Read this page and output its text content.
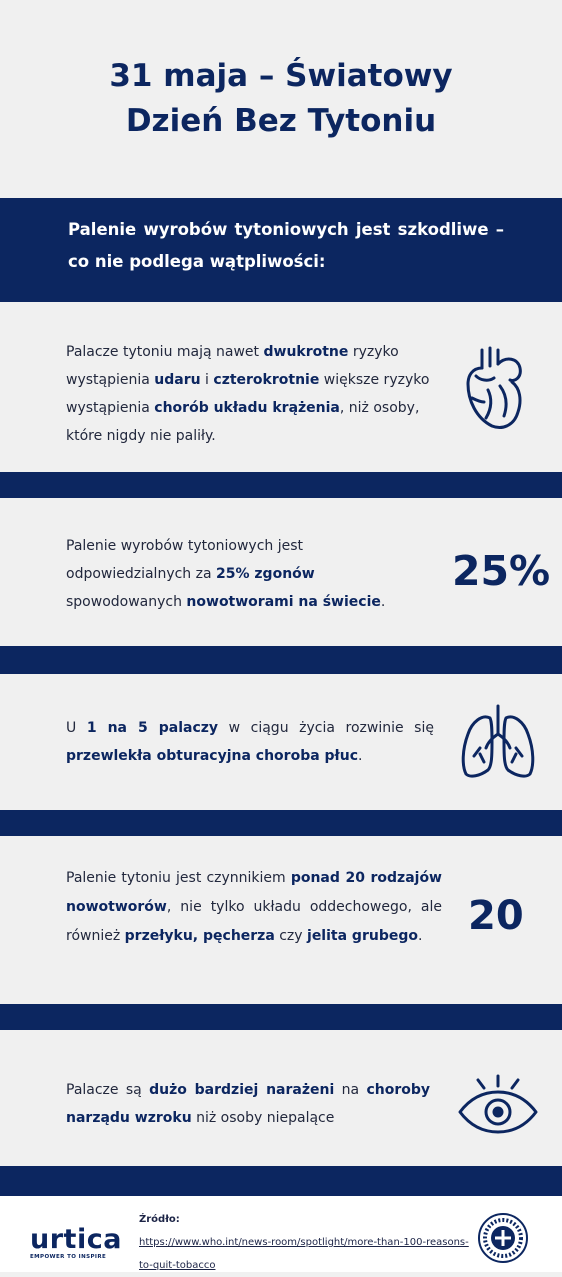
31 maja – Światowy Dzień Bez Tytoniu

Palenie wyrobów tytoniowych jest szkodliwe – co nie podlega wątpliwości:

Palacze tytoniu mają nawet dwukrotne ryzyko wystąpienia udaru i czterokrotnie większe ryzyko wystąpienia chorób układu krążenia, niż osoby, które nigdy nie paliły.

Palenie wyrobów tytoniowych jest odpowiedzialnych za 25% zgonów spowodowanych nowotworami na świecie.

25%

U 1 na 5 palaczy w ciągu życia rozwinie się przewlekła obturacyjna choroba płuc.

Palenie tytoniu jest czynnikiem ponad 20 rodzajów nowotworów, nie tylko układu oddechowego, ale również przełyku, pęcherza czy jelita grubego.	20

Palacze są dużo bardziej narażeni na choroby narządu wzroku niż osoby niepalące

urtica
EMPOWER TO INSPIRE
Źródło:
https://www.who.int/news-room/spotlight/more-than-100-reasons-to-quit-tobacco
